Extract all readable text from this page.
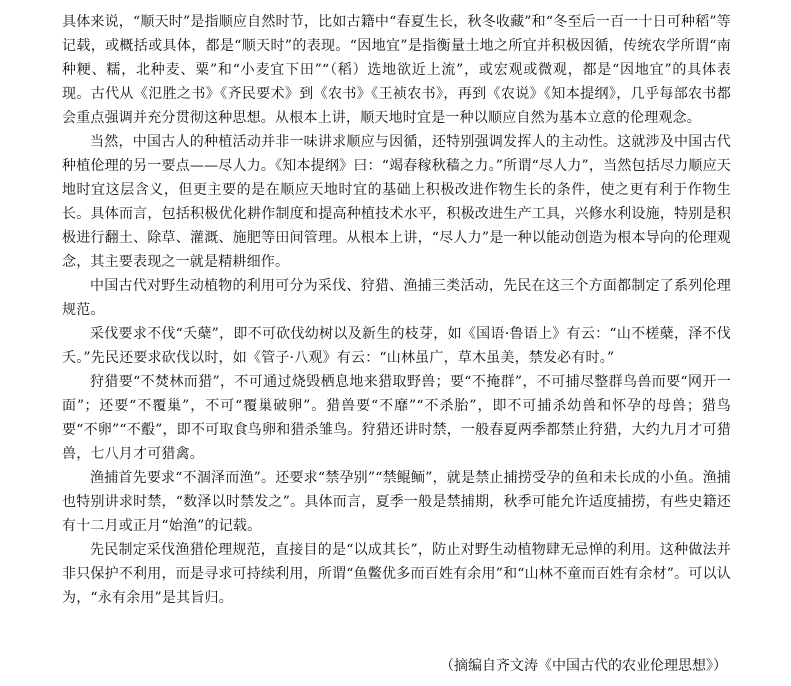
具体来说，“顺天时”是指顺应自然时节，比如古籍中“春夏生长，秋冬收藏”和“冬至后一百一十日可种稻”等记载，或概括或具体，都是“顺天时”的表现。“因地宜”是指衡量土地之所宜并积极因循，传统农学所谓“南种粳、糯，北种麦、粟”和“小麦宜下田”“（稻）选地欲近上流”，或宏观或微观，都是“因地宜”的具体表现。古代从《氾胜之书》《齐民要术》到《农书》《王祯农书》，再到《农说》《知本提纲》，几乎每部农书都会重点强调并充分贯彻这种思想。从根本上讲，顺天地时宜是一种以顺应自然为基本立意的伦理观念。

当然，中国古人的种植活动并非一味讲求顺应与因循，还特别强调发挥人的主动性。这就涉及中国古代种植伦理的另一要点——尽人力。《知本提纲》曰：“竭春稼秋穑之力。”所谓“尽人力”，当然包括尽力顺应天地时宜这层含义，但更主要的是在顺应天地时宜的基础上积极改进作物生长的条件，使之更有利于作物生长。具体而言，包括积极优化耕作制度和提高种植技术水平，积极改进生产工具，兴修水利设施，特别是积极进行翻土、除草、灌溉、施肥等田间管理。从根本上讲，“尽人力”是一种以能动创造为根本导向的伦理观念，其主要表现之一就是精耕细作。

中国古代对野生动植物的利用可分为采伐、狩猎、渔捕三类活动，先民在这三个方面都制定了系列伦理规范。

采伐要求不伐“夭蘖”，即不可砍伐幼树以及新生的枝芽，如《国语·鲁语上》有云：“山不槎蘖，泽不伐夭。”先民还要求砍伐以时，如《管子·八观》有云：“山林虽广，草木虽美，禁发必有时。”

狩猎要“不焚林而猎”，不可通过烧毁栖息地来猎取野兽；要“不掩群”，不可捕尽整群鸟兽而要“网开一面”；还要“不覆巢”，不可“覆巢破卵”。猎兽要“不靡”“不杀胎”，即不可捕杀幼兽和怀孕的母兽；猎鸟要“不卵”“不鷇”，即不可取食鸟卵和猎杀雏鸟。狩猎还讲时禁，一般春夏两季都禁止狩猎，大约九月才可猎兽，七八月才可猎禽。

渔捕首先要求“不涸泽而渔”。还要求“禁孕别”“禁鲲鲕”，就是禁止捕捞受孕的鱼和未长成的小鱼。渔捕也特别讲求时禁，“数泽以时禁发之”。具体而言，夏季一般是禁捕期，秋季可能允许适度捕捞，有些史籍还有十二月或正月“始渔”的记载。

先民制定采伐渔猎伦理规范，直接目的是“以成其长”，防止对野生动植物肆无忌惮的利用。这种做法并非只保护不利用，而是寻求可持续利用，所谓“鱼鳖优多而百姓有余用”和“山林不童而百姓有余材”。可以认为，“永有余用”是其旨归。

（摘编自齐文涛《中国古代的农业伦理思想》）
